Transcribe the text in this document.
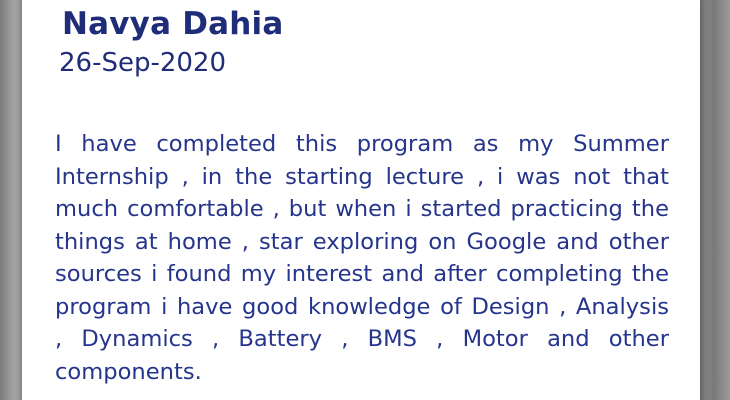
Navya Dahia
26-Sep-2020

I have completed this program as my Summer Internship , in the starting lecture , i was not that much comfortable , but when i started practicing the things at home , star exploring on Google and other sources i found my interest and after completing the program i have good knowledge of Design , Analysis , Dynamics , Battery , BMS , Motor and other components.
